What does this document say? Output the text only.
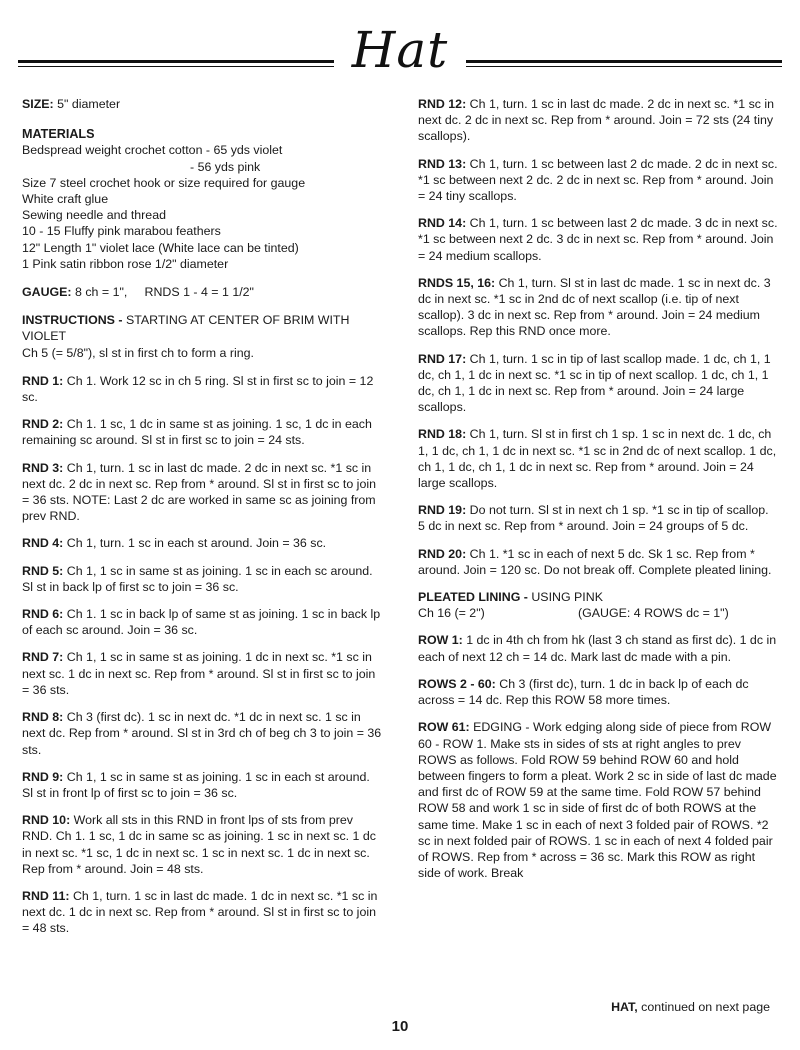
Hat

SIZE: 5" diameter

MATERIALS

Bedspread weight crochet cotton - 65 yds violet
- 56 yds pink
Size 7 steel crochet hook or size required for gauge
White craft glue
Sewing needle and thread
10 - 15 Fluffy pink marabou feathers
12" Length 1" violet lace (White lace can be tinted)
1 Pink satin ribbon rose 1/2" diameter

GAUGE: 8 ch = 1",     RNDS 1 - 4 = 1 1/2"

INSTRUCTIONS - STARTING AT CENTER OF BRIM WITH VIOLET
Ch 5 (= 5/8"), sl st in first ch to form a ring.

RND 1: Ch 1. Work 12 sc in ch 5 ring. Sl st in first sc to join = 12 sc.

RND 2: Ch 1. 1 sc, 1 dc in same st as joining. 1 sc, 1 dc in each remaining sc around. Sl st in first sc to join = 24 sts.

RND 3: Ch 1, turn. 1 sc in last dc made. 2 dc in next sc. *1 sc in next dc. 2 dc in next sc. Rep from * around. Sl st in first sc to join = 36 sts. NOTE: Last 2 dc are worked in same sc as joining from prev RND.

RND 4: Ch 1, turn. 1 sc in each st around. Join = 36 sc.

RND 5: Ch 1, 1 sc in same st as joining. 1 sc in each sc around. Sl st in back lp of first sc to join = 36 sc.

RND 6: Ch 1. 1 sc in back lp of same st as joining. 1 sc in back lp of each sc around. Join = 36 sc.

RND 7: Ch 1, 1 sc in same st as joining. 1 dc in next sc. *1 sc in next sc. 1 dc in next sc. Rep from * around. Sl st in first sc to join = 36 sts.

RND 8: Ch 3 (first dc). 1 sc in next dc. *1 dc in next sc. 1 sc in next dc. Rep from * around. Sl st in 3rd ch of beg ch 3 to join = 36 sts.

RND 9: Ch 1, 1 sc in same st as joining. 1 sc in each st around. Sl st in front lp of first sc to join = 36 sc.

RND 10: Work all sts in this RND in front lps of sts from prev RND. Ch 1. 1 sc, 1 dc in same sc as joining. 1 sc in next sc. 1 dc in next sc. *1 sc, 1 dc in next sc. 1 sc in next sc. 1 dc in next sc. Rep from * around. Join = 48 sts.

RND 11: Ch 1, turn. 1 sc in last dc made. 1 dc in next sc. *1 sc in next dc. 1 dc in next sc. Rep from * around. Sl st in first sc to join = 48 sts.

RND 12: Ch 1, turn. 1 sc in last dc made. 2 dc in next sc. *1 sc in next dc. 2 dc in next sc. Rep from * around. Join = 72 sts (24 tiny scallops).

RND 13: Ch 1, turn. 1 sc between last 2 dc made. 2 dc in next sc. *1 sc between next 2 dc. 2 dc in next sc. Rep from * around. Join = 24 tiny scallops.

RND 14: Ch 1, turn. 1 sc between last 2 dc made. 3 dc in next sc. *1 sc between next 2 dc. 3 dc in next sc. Rep from * around. Join = 24 medium scallops.

RNDS 15, 16: Ch 1, turn. Sl st in last dc made. 1 sc in next dc. 3 dc in next sc. *1 sc in 2nd dc of next scallop (i.e. tip of next scallop). 3 dc in next sc. Rep from * around. Join = 24 medium scallops. Rep this RND once more.

RND 17: Ch 1, turn. 1 sc in tip of last scallop made. 1 dc, ch 1, 1 dc, ch 1, 1 dc in next sc. *1 sc in tip of next scallop. 1 dc, ch 1, 1 dc, ch 1, 1 dc in next sc. Rep from * around. Join = 24 large scallops.

RND 18: Ch 1, turn. Sl st in first ch 1 sp. 1 sc in next dc. 1 dc, ch 1, 1 dc, ch 1, 1 dc in next sc. *1 sc in 2nd dc of next scallop. 1 dc, ch 1, 1 dc, ch 1, 1 dc in next sc. Rep from * around. Join = 24 large scallops.

RND 19: Do not turn. Sl st in next ch 1 sp. *1 sc in tip of scallop. 5 dc in next sc. Rep from * around. Join = 24 groups of 5 dc.

RND 20: Ch 1. *1 sc in each of next 5 dc. Sk 1 sc. Rep from * around. Join = 120 sc. Do not break off. Complete pleated lining.

PLEATED LINING - USING PINK
Ch 16 (= 2")	(GAUGE: 4 ROWS dc = 1")

ROW 1: 1 dc in 4th ch from hk (last 3 ch stand as first dc). 1 dc in each of next 12 ch = 14 dc. Mark last dc made with a pin.

ROWS 2 - 60: Ch 3 (first dc), turn. 1 dc in back lp of each dc across = 14 dc. Rep this ROW 58 more times.

ROW 61: EDGING - Work edging along side of piece from ROW 60 - ROW 1. Make sts in sides of sts at right angles to prev ROWS as follows. Fold ROW 59 behind ROW 60 and hold between fingers to form a pleat. Work 2 sc in side of last dc made and first dc of ROW 59 at the same time. Fold ROW 57 behind ROW 58 and work 1 sc in side of first dc of both ROWS at the same time. Make 1 sc in each of next 3 folded pair of ROWS. *2 sc in next folded pair of ROWS. 1 sc in each of next 4 folded pair of ROWS. Rep from * across = 36 sc. Mark this ROW as right side of work. Break

HAT, continued on next page
10
